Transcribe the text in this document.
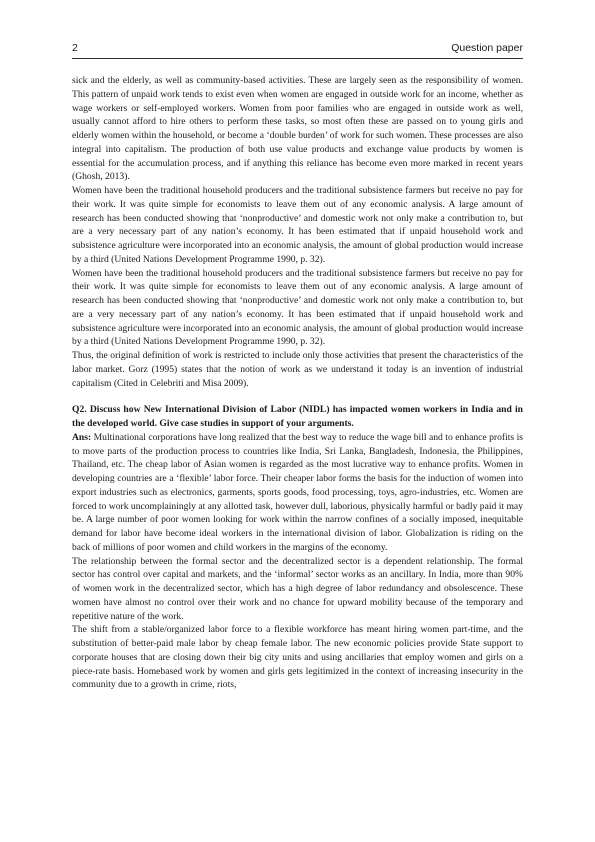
2	Question paper

sick and the elderly, as well as community-based activities. These are largely seen as the responsibility of women. This pattern of unpaid work tends to exist even when women are engaged in outside work for an income, whether as wage workers or self-employed workers. Women from poor families who are engaged in outside work as well, usually cannot afford to hire others to perform these tasks, so most often these are passed on to young girls and elderly women within the household, or become a ‘double burden’ of work for such women. These processes are also integral into capitalism. The production of both use value products and exchange value products by women is essential for the accumulation process, and if anything this reliance has become even more marked in recent years (Ghosh, 2013).

Women have been the traditional household producers and the traditional subsistence farmers but receive no pay for their work. It was quite simple for economists to leave them out of any economic analysis. A large amount of research has been conducted showing that ‘nonproductive’ and domestic work not only make a contribution to, but are a very necessary part of any nation’s economy. It has been estimated that if unpaid household work and subsistence agriculture were incorporated into an economic analysis, the amount of global production would increase by a third (United Nations Development Programme 1990, p. 32).

Women have been the traditional household producers and the traditional subsistence farmers but receive no pay for their work. It was quite simple for economists to leave them out of any economic analysis. A large amount of research has been conducted showing that ‘nonproductive’ and domestic work not only make a contribution to, but are a very necessary part of any nation’s economy. It has been estimated that if unpaid household work and subsistence agriculture were incorporated into an economic analysis, the amount of global production would increase by a third (United Nations Development Programme 1990, p. 32).

Thus, the original definition of work is restricted to include only those activities that present the characteristics of the labor market. Gorz (1995) states that the notion of work as we understand it today is an invention of industrial capitalism (Cited in Celebriti and Misa 2009).

Q2. Discuss how New International Division of Labor (NIDL) has impacted women workers in India and in the developed world. Give case studies in support of your arguments.

Ans: Multinational corporations have long realized that the best way to reduce the wage bill and to enhance profits is to move parts of the production process to countries like India, Sri Lanka, Bangladesh, Indonesia, the Philippines, Thailand, etc. The cheap labor of Asian women is regarded as the most lucrative way to enhance profits. Women in developing countries are a ‘flexible’ labor force. Their cheaper labor forms the basis for the induction of women into export industries such as electronics, garments, sports goods, food processing, toys, agro-industries, etc. Women are forced to work uncomplainingly at any allotted task, however dull, laborious, physically harmful or badly paid it may be. A large number of poor women looking for work within the narrow confines of a socially imposed, inequitable demand for labor have become ideal workers in the international division of labor. Globalization is riding on the back of millions of poor women and child workers in the margins of the economy.

The relationship between the formal sector and the decentralized sector is a dependent relationship. The formal sector has control over capital and markets, and the ‘informal’ sector works as an ancillary. In India, more than 90% of women work in the decentralized sector, which has a high degree of labor redundancy and obsolescence. These women have almost no control over their work and no chance for upward mobility because of the temporary and repetitive nature of the work.

The shift from a stable/organized labor force to a flexible workforce has meant hiring women part-time, and the substitution of better-paid male labor by cheap female labor. The new economic policies provide State support to corporate houses that are closing down their big city units and using ancillaries that employ women and girls on a piece-rate basis. Homebased work by women and girls gets legitimized in the context of increasing insecurity in the community due to a growth in crime, riots,
